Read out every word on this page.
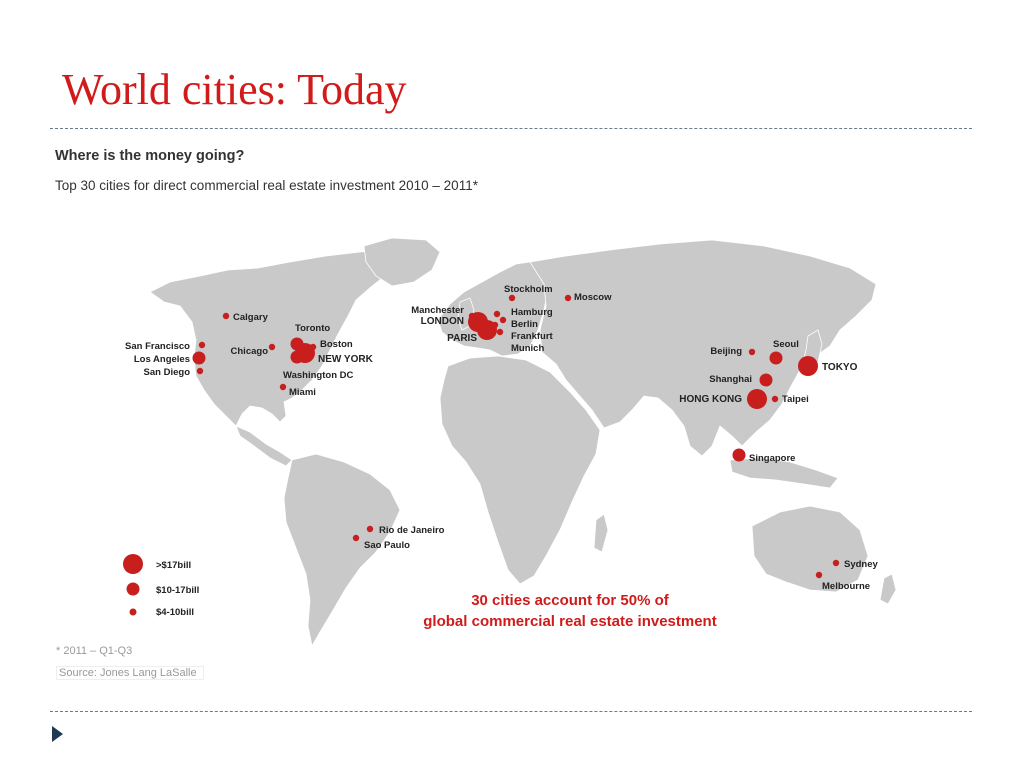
World cities: Today
Where is the money going?
Top 30 cities for direct commercial real estate investment 2010 – 2011*
>$17bill
$10-17bill
$4-10bill
Calgary
San Francisco
Los Angeles
San Diego
Chicago
Toronto
Boston
NEW YORK
Washington DC
Miami
Rio de Janeiro
Sao Paulo
Manchester
LONDON
PARIS
Stockholm
Moscow
Hamburg
Berlin
Frankfurt
Munich	Beijing
Seoul
TOKYO
Shanghai
HONG KONG	Taipei
Singapore
Sydney
Melbourne
30 cities account for 50% of
global commercial real estate investment
* 2011 – Q1-Q3
Source: Jones Lang LaSalle
